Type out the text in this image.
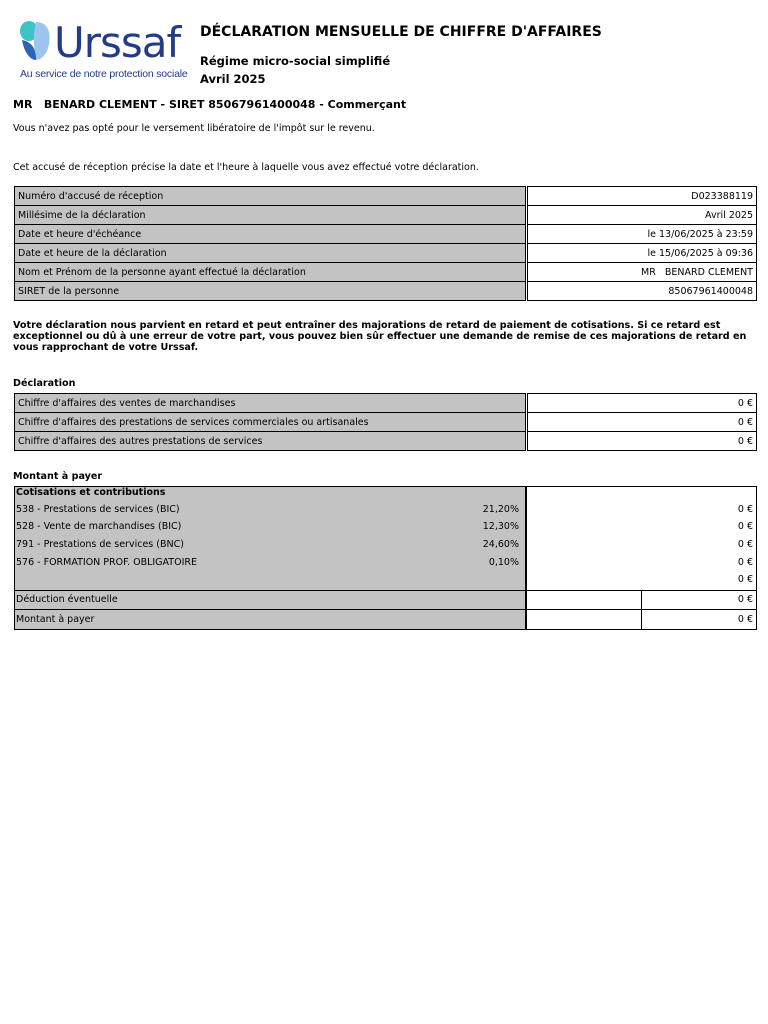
Urssaf
Au service de notre protection sociale
DÉCLARATION MENSUELLE DE CHIFFRE D'AFFAIRES
Régime micro-social simplifié
Avril 2025
MR   BENARD CLEMENT - SIRET 85067961400048 - Commerçant
Vous n'avez pas opté pour le versement libératoire de l'impôt sur le revenu.
Cet accusé de réception précise la date et l'heure à laquelle vous avez effectué votre déclaration.
Numéro d'accusé de réception		D023388119
Millésime de la déclaration		Avril 2025
Date et heure d'échéance		le 13/06/2025 à 23:59
Date et heure de la déclaration		le 15/06/2025 à 09:36
Nom et Prénom de la personne ayant effectué la déclaration		MR   BENARD CLEMENT
SIRET de la personne		85067961400048
Votre déclaration nous parvient en retard et peut entraîner des majorations de retard de paiement de cotisations. Si ce retard est exceptionnel ou dû à une erreur de votre part, vous pouvez bien sûr effectuer une demande de remise de ces majorations de retard en vous rapprochant de votre Urssaf.
Déclaration
Chiffre d'affaires des ventes de marchandises		0 €
Chiffre d'affaires des prestations de services commerciales ou artisanales		0 €
Chiffre d'affaires des autres prestations de services		0 €
Montant à payer
Cotisations et contributions
538 - Prestations de services (BIC)	21,20%	0 €
528 - Vente de marchandises (BIC)	12,30%	0 €
791 - Prestations de services (BNC)	24,60%	0 €
576 - FORMATION PROF. OBLIGATOIRE	0,10%	0 €
0 €
Déduction éventuelle	0 €
Montant à payer	0 €
